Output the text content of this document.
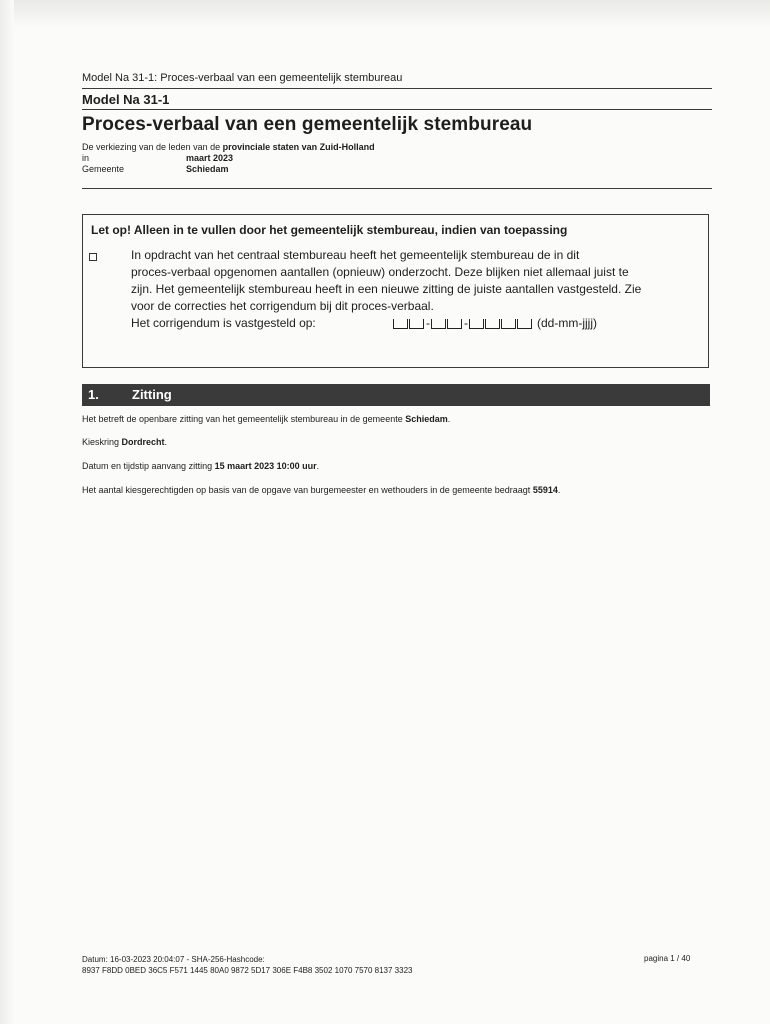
Model Na 31-1: Proces-verbaal van een gemeentelijk stembureau
Model Na 31-1
Proces-verbaal van een gemeentelijk stembureau
De verkiezing van de leden van de provinciale staten van Zuid-Holland
in	maart 2023
Gemeente	Schiedam
Let op! Alleen in te vullen door het gemeentelijk stembureau, indien van toepassing
In opdracht van het centraal stembureau heeft het gemeentelijk stembureau de in dit
proces-verbaal opgenomen aantallen (opnieuw) onderzocht. Deze blijken niet allemaal juist te
zijn. Het gemeentelijk stembureau heeft in een nieuwe zitting de juiste aantallen vastgesteld. Zie
voor de correcties het corrigendum bij dit proces-verbaal.
Het corrigendum is vastgesteld op:	-	-	(dd-mm-jjjj)
1.	Zitting
Het betreft de openbare zitting van het gemeentelijk stembureau in de gemeente Schiedam.
Kieskring Dordrecht.
Datum en tijdstip aanvang zitting 15 maart 2023 10:00 uur.
Het aantal kiesgerechtigden op basis van de opgave van burgemeester en wethouders in de gemeente bedraagt 55914.
Datum: 16-03-2023 20:04:07 - SHA-256-Hashcode:
8937 F8DD 0BED 36C5 F571 1445 80A0 9872 5D17 306E F4B8 3502 1070 7570 8137 3323
pagina 1 / 40
